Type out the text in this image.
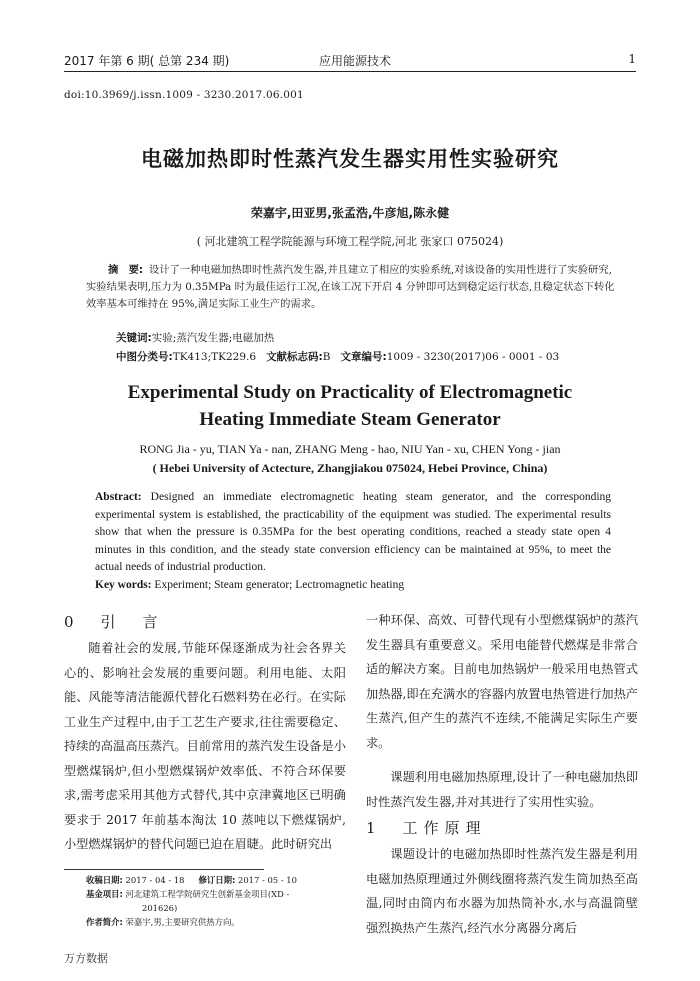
2017 年第 6 期( 总第 234 期)	应用能源技术	1
doi:10.3969/j.issn.1009 - 3230.2017.06.001
电磁加热即时性蒸汽发生器实用性实验研究
荣嘉宇,田亚男,张孟浩,牛彦旭,陈永健
( 河北建筑工程学院能源与环境工程学院,河北 张家口 075024)
摘　要: 设计了一种电磁加热即时性蒸汽发生器,并且建立了相应的实验系统,对该设备的实用性进行了实验研究,实验结果表明,压力为 0.35MPa 时为最佳运行工况,在该工况下开启 4 分钟即可达到稳定运行状态,且稳定状态下转化效率基本可维持在 95%,满足实际工业生产的需求。
关键词:实验;蒸汽发生器;电磁加热
中图分类号:TK413;TK229.6 文献标志码:B 文章编号:1009 - 3230(2017)06 - 0001 - 03
Experimental Study on Practicality of Electromagnetic
Heating Immediate Steam Generator
RONG Jia - yu, TIAN Ya - nan, ZHANG Meng - hao, NIU Yan - xu, CHEN Yong - jian
( Hebei University of Actecture, Zhangjiakou 075024, Hebei Province, China)
Abstract: Designed an immediate electromagnetic heating steam generator, and the corresponding experimental system is established, the practicability of the equipment was studied. The experimental results show that when the pressure is 0.35MPa for the best operating conditions, reached a steady state open 4 minutes in this condition, and the steady state conversion efficiency can be maintained at 95%, to meet the actual needs of industrial production.
Key words: Experiment; Steam generator; Lectromagnetic heating
0　引　言
随着社会的发展,节能环保逐渐成为社会各界关心的、影响社会发展的重要问题。利用电能、太阳能、风能等清洁能源代替化石燃料势在必行。在实际工业生产过程中,由于工艺生产要求,往往需要稳定、持续的高温高压蒸汽。目前常用的蒸汽发生设备是小型燃煤锅炉,但小型燃煤锅炉效率低、不符合环保要求,需考虑采用其他方式替代,其中京津冀地区已明确要求于 2017 年前基本淘汰 10 蒸吨以下燃煤锅炉,小型燃煤锅炉的替代问题已迫在眉睫。此时研究出
一种环保、高效、可替代现有小型燃煤锅炉的蒸汽发生器具有重要意义。采用电能替代燃煤是非常合适的解决方案。目前电加热锅炉一般采用电热管式加热器,即在充满水的容器内放置电热管进行加热产生蒸汽,但产生的蒸汽不连续,不能满足实际生产要求。
课题利用电磁加热原理,设计了一种电磁加热即时性蒸汽发生器,并对其进行了实用性实验。
1　工作原理
课题设计的电磁加热即时性蒸汽发生器是利用电磁加热原理通过外侧线圈将蒸汽发生筒加热至高温,同时由筒内布水器为加热筒补水,水与高温筒壁强烈换热产生蒸汽,经汽水分离器分离后
收稿日期: 2017 - 04 - 18 修订日期: 2017 - 05 - 10
基金项目: 河北建筑工程学院研究生创新基金项目(XD -
201626)
作者简介: 荣嘉宇,男,主要研究供热方向。
万方数据
